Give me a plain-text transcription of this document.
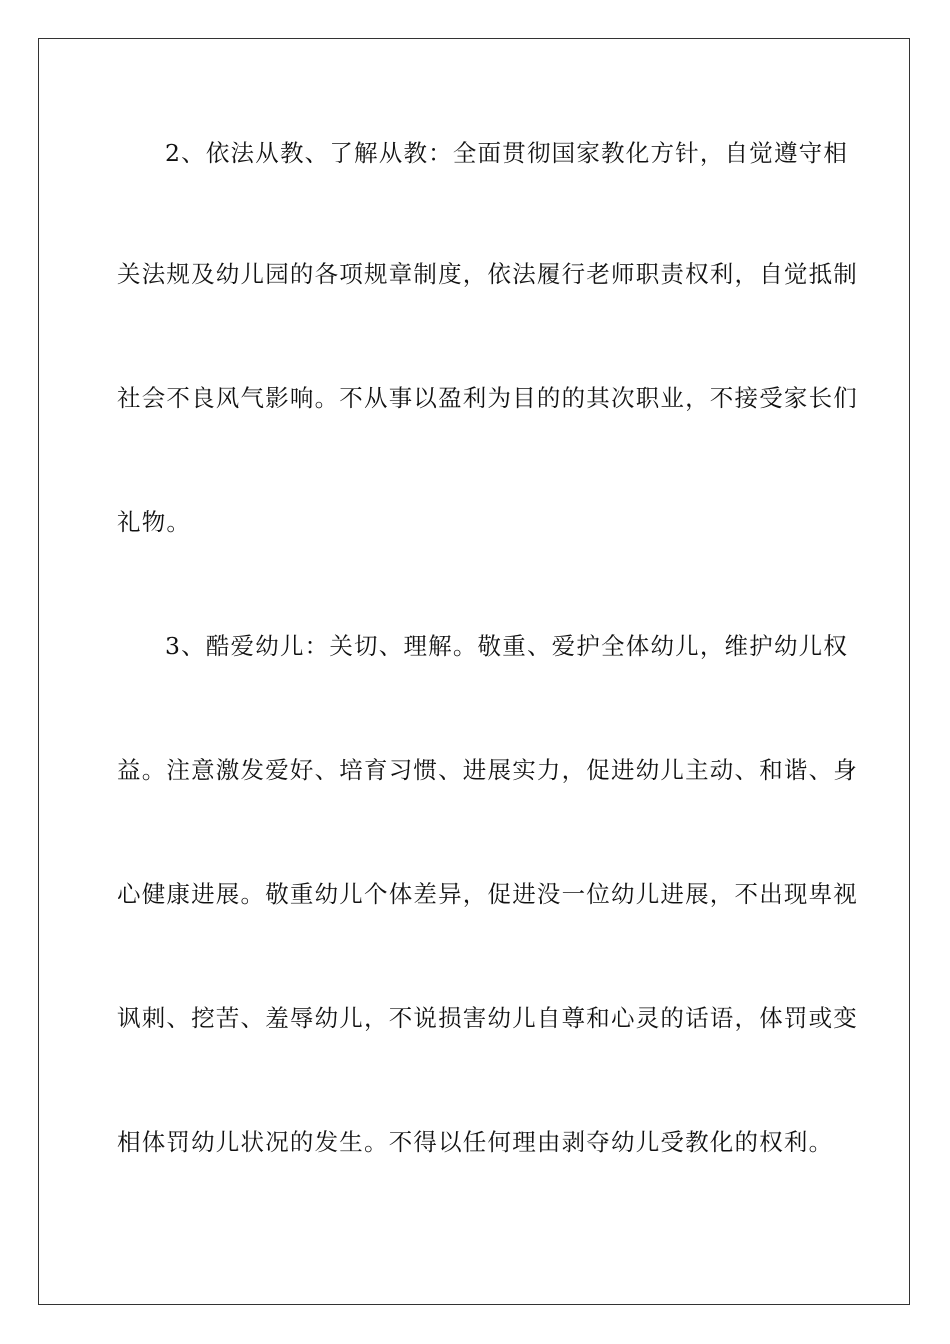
2、依法从教、了解从教：全面贯彻国家教化方针，自觉遵守相
关法规及幼儿园的各项规章制度，依法履行老师职责权利，自觉抵制
社会不良风气影响。不从事以盈利为目的的其次职业，不接受家长们
礼物。
3、酷爱幼儿：关切、理解。敬重、爱护全体幼儿，维护幼儿权
益。注意激发爱好、培育习惯、进展实力，促进幼儿主动、和谐、身
心健康进展。敬重幼儿个体差异，促进没一位幼儿进展，不出现卑视
讽刺、挖苦、羞辱幼儿，不说损害幼儿自尊和心灵的话语，体罚或变
相体罚幼儿状况的发生。不得以任何理由剥夺幼儿受教化的权利。
